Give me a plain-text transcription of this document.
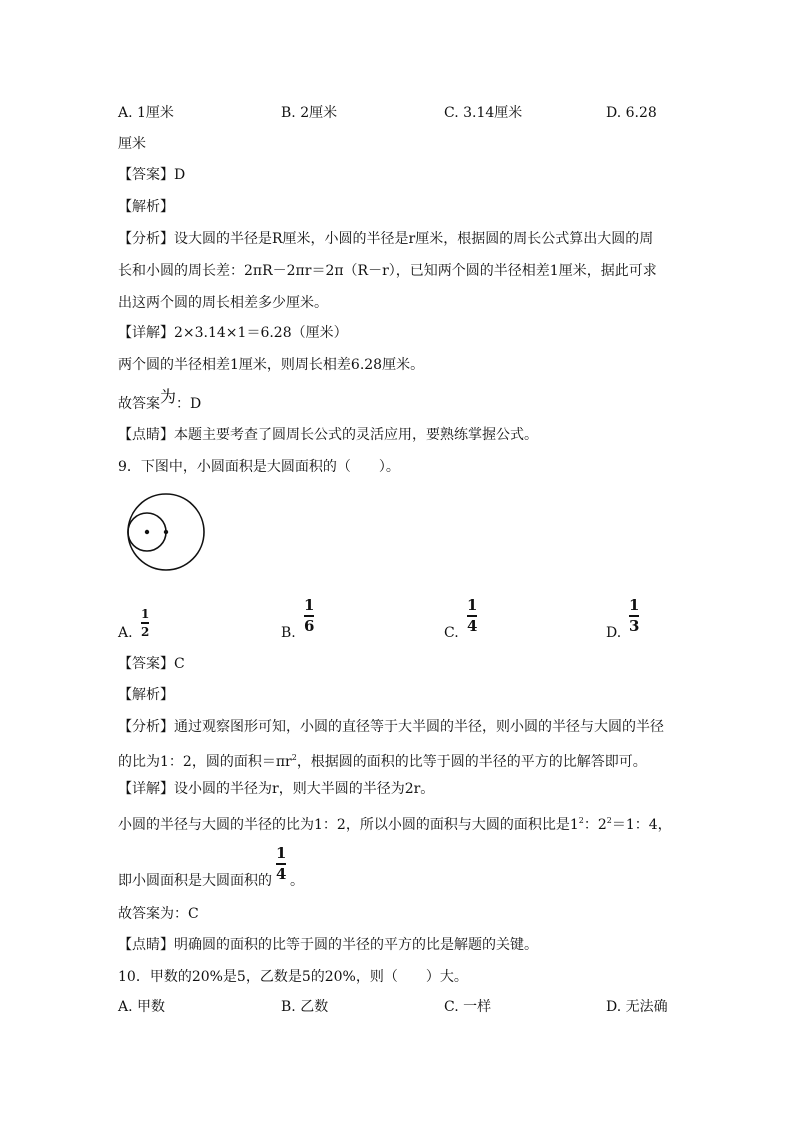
A. 1厘米	B. 2厘米	C. 3.14厘米	D. 6.28
厘米
【答案】D
【解析】
【分析】设大圆的半径是R厘米，小圆的半径是r厘米，根据圆的周长公式算出大圆的周
长和小圆的周长差：2πR－2πr＝2π（R－r），已知两个圆的半径相差1厘米，据此可求
出这两个圆的周长相差多少厘米。
【详解】2×3.14×1＝6.28（厘米）
两个圆的半径相差1厘米，则周长相差6.28厘米。
故答案为：D
【点睛】本题主要考查了圆周长公式的灵活应用，要熟练掌握公式。
9．下图中，小圆面积是大圆面积的（　　）。
A.
1
2	B.
1
6	C.
1
4	D.
1
3
【答案】C
【解析】
【分析】通过观察图形可知，小圆的直径等于大半圆的半径，则小圆的半径与大圆的半径
的比为1：2，圆的面积$=\pi r^2$，根据圆的面积的比等于圆的半径的平方的比解答即可。
【详解】设小圆的半径为r，则大半圆的半径为2r。
小圆的半径与大圆的半径的比为1：2，所以小圆的面积与大圆的面积比是$1^2$：$2^2=1$：4，
即小圆面积是大圆面积的
1
4 。
故答案为：C
【点睛】明确圆的面积的比等于圆的半径的平方的比是解题的关键。
10．甲数的20%是5，乙数是5的20%，则（　　）大。
A. 甲数	B. 乙数	C. 一样	D. 无法确
